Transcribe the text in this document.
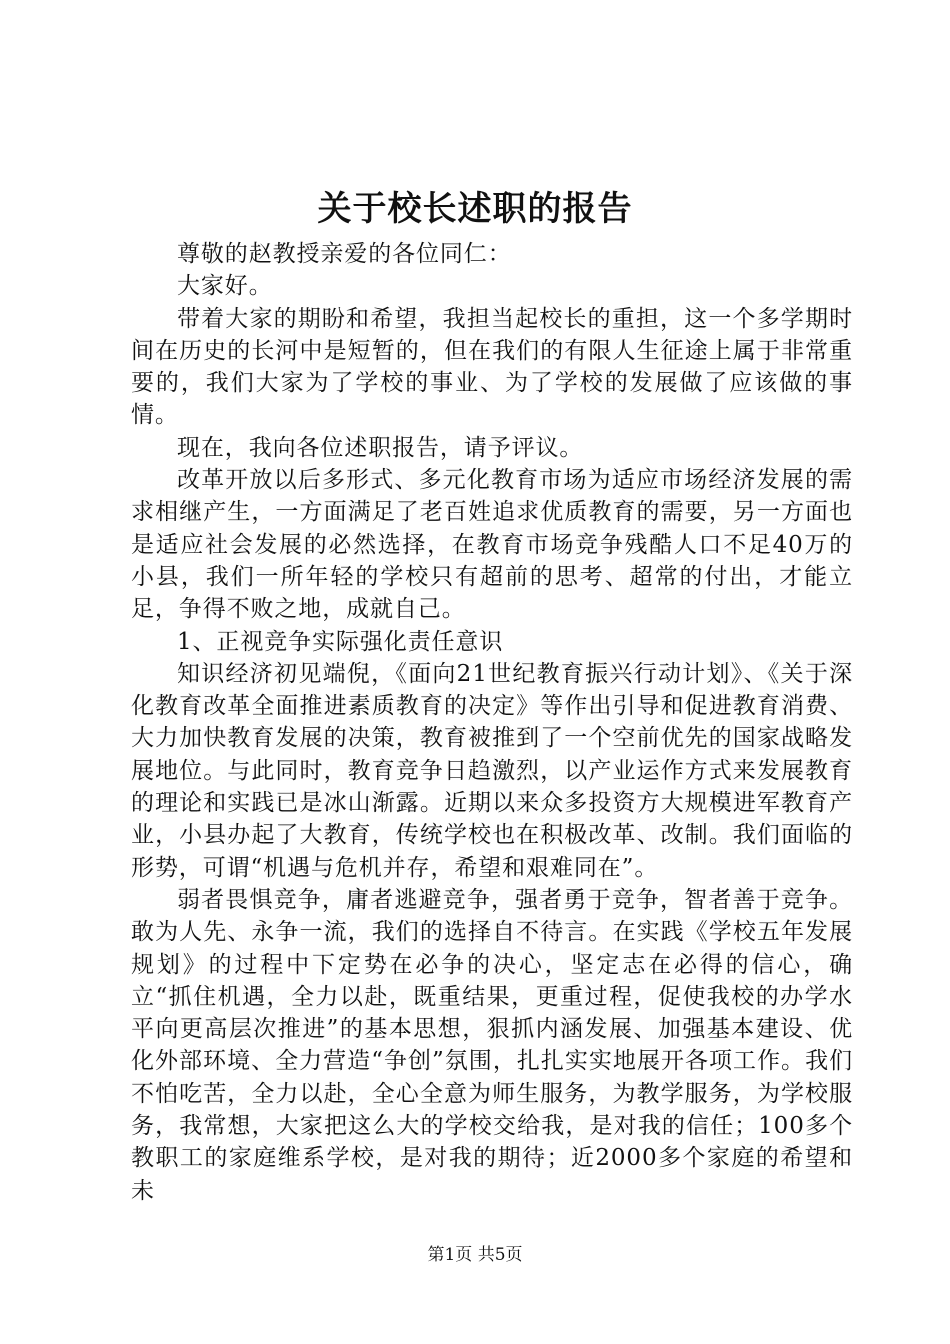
关于校长述职的报告

尊敬的赵教授亲爱的各位同仁：

大家好。

带着大家的期盼和希望，我担当起校长的重担，这一个多学期时间在历史的长河中是短暂的，但在我们的有限人生征途上属于非常重要的，我们大家为了学校的事业、为了学校的发展做了应该做的事情。

现在，我向各位述职报告，请予评议。

改革开放以后多形式、多元化教育市场为适应市场经济发展的需求相继产生，一方面满足了老百姓追求优质教育的需要，另一方面也是适应社会发展的必然选择，在教育市场竞争残酷人口不足40万的小县，我们一所年轻的学校只有超前的思考、超常的付出，才能立足，争得不败之地，成就自己。

1、正视竞争实际强化责任意识

知识经济初见端倪，《面向21世纪教育振兴行动计划》、《关于深化教育改革全面推进素质教育的决定》等作出引导和促进教育消费、大力加快教育发展的决策，教育被推到了一个空前优先的国家战略发展地位。与此同时，教育竞争日趋激烈，以产业运作方式来发展教育的理论和实践已是冰山渐露。近期以来众多投资方大规模进军教育产业，小县办起了大教育，传统学校也在积极改革、改制。我们面临的形势，可谓“机遇与危机并存，希望和艰难同在”。

弱者畏惧竞争，庸者逃避竞争，强者勇于竞争，智者善于竞争。敢为人先、永争一流，我们的选择自不待言。在实践《学校五年发展规划》的过程中下定势在必争的决心，坚定志在必得的信心，确立“抓住机遇，全力以赴，既重结果，更重过程，促使我校的办学水平向更高层次推进”的基本思想，狠抓内涵发展、加强基本建设、优化外部环境、全力营造“争创”氛围，扎扎实实地展开各项工作。我们不怕吃苦，全力以赴，全心全意为师生服务，为教学服务，为学校服务，我常想，大家把这么大的学校交给我，是对我的信任；100多个教职工的家庭维系学校，是对我的期待；近2000多个家庭的希望和未

第1页 共5页
